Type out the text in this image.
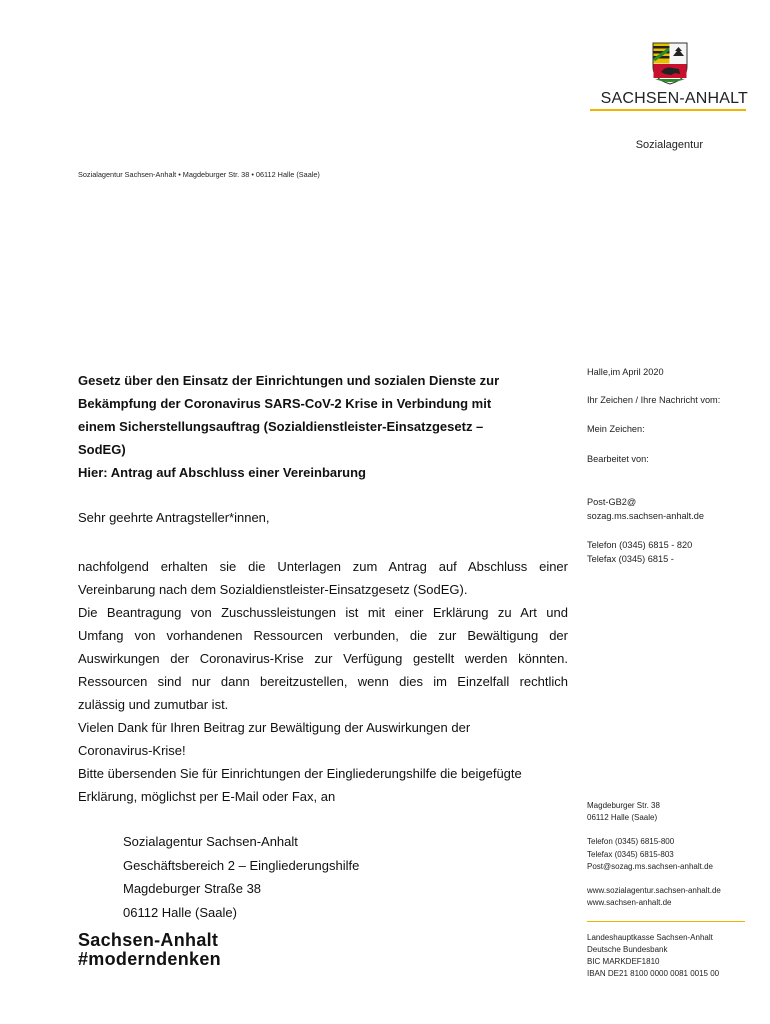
SACHSEN-ANHALT
Sozialagentur
Sozialagentur Sachsen-Anhalt • Magdeburger Str. 38 • 06112 Halle (Saale)
Halle,im April 2020
Ihr Zeichen / Ihre Nachricht vom:
Mein Zeichen:
Bearbeitet von:
Post-GB2@
sozag.ms.sachsen-anhalt.de
Telefon (0345) 6815 - 820
Telefax (0345) 6815 -
Gesetz über den Einsatz der Einrichtungen und sozialen Dienste zur
Bekämpfung der Coronavirus SARS-CoV-2 Krise in Verbindung mit
einem Sicherstellungsauftrag (Sozialdienstleister-Einsatzgesetz –
SodEG)
Hier: Antrag auf Abschluss einer Vereinbarung
Sehr geehrte Antragsteller*innen,
nachfolgend erhalten sie die Unterlagen zum Antrag auf Abschluss einer
Vereinbarung nach dem Sozialdienstleister-Einsatzgesetz (SodEG).
Die Beantragung von Zuschussleistungen ist mit einer Erklärung zu Art und
Umfang von vorhandenen Ressourcen verbunden, die zur Bewältigung der
Auswirkungen der Coronavirus-Krise zur Verfügung gestellt werden könnten.
Ressourcen sind nur dann bereitzustellen, wenn dies im Einzelfall rechtlich
zulässig und zumutbar ist.
Vielen Dank für Ihren Beitrag zur Bewältigung der Auswirkungen der
Coronavirus-Krise!
Bitte übersenden Sie für Einrichtungen der Eingliederungshilfe die beigefügte
Erklärung, möglichst per E-Mail oder Fax, an
Sozialagentur Sachsen-Anhalt
Geschäftsbereich 2 – Eingliederungshilfe
Magdeburger Straße 38
06112 Halle (Saale)
Sachsen-Anhalt
#moderndenken
Magdeburger Str. 38
06112 Halle (Saale)
Telefon (0345) 6815-800
Telefax (0345) 6815-803
Post@sozag.ms.sachsen-anhalt.de
www.sozialagentur.sachsen-anhalt.de
www.sachsen-anhalt.de
Landeshauptkasse Sachsen-Anhalt
Deutsche Bundesbank
BIC MARKDEF1810
IBAN DE21 8100 0000 0081 0015 00
